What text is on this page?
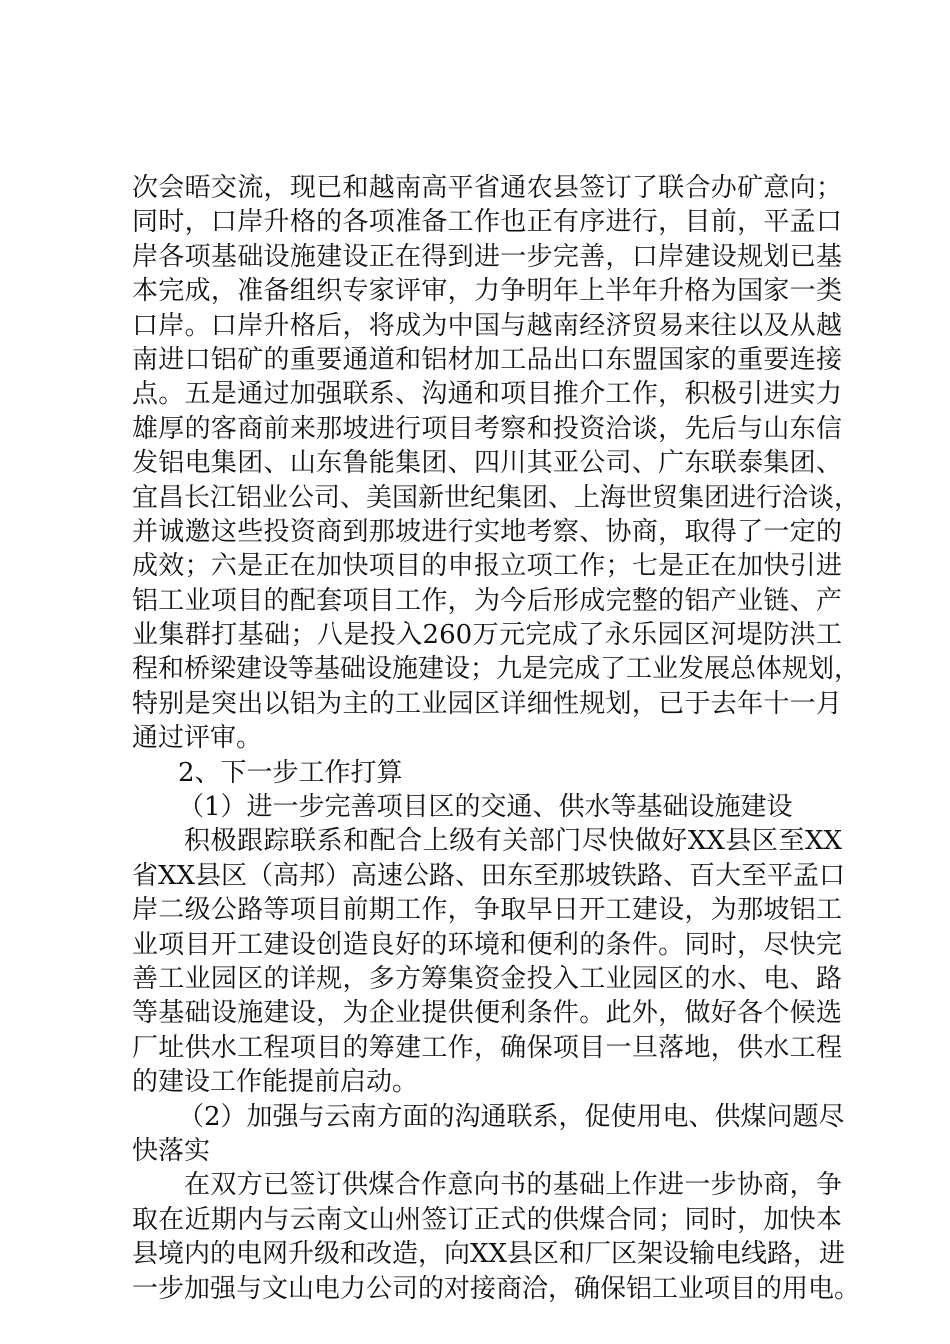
次会晤交流，现已和越南高平省通农县签订了联合办矿意向；
同时，口岸升格的各项准备工作也正有序进行，目前，平孟口
岸各项基础设施建设正在得到进一步完善，口岸建设规划已基
本完成，准备组织专家评审，力争明年上半年升格为国家一类
口岸。口岸升格后，将成为中国与越南经济贸易来往以及从越
南进口铝矿的重要通道和铝材加工品出口东盟国家的重要连接
点。五是通过加强联系、沟通和项目推介工作，积极引进实力
雄厚的客商前来那坡进行项目考察和投资洽谈，先后与山东信
发铝电集团、山东鲁能集团、四川其亚公司、广东联泰集团、
宜昌长江铝业公司、美国新世纪集团、上海世贸集团进行洽谈，
并诚邀这些投资商到那坡进行实地考察、协商，取得了一定的
成效；六是正在加快项目的申报立项工作；七是正在加快引进
铝工业项目的配套项目工作，为今后形成完整的铝产业链、产
业集群打基础；八是投入260万元完成了永乐园区河堤防洪工
程和桥梁建设等基础设施建设；九是完成了工业发展总体规划，
特别是突出以铝为主的工业园区详细性规划，已于去年十一月
通过评审。
2、下一步工作打算
（1）进一步完善项目区的交通、供水等基础设施建设
积极跟踪联系和配合上级有关部门尽快做好XX县区至XX
省XX县区（高邦）高速公路、田东至那坡铁路、百大至平孟口
岸二级公路等项目前期工作，争取早日开工建设，为那坡铝工
业项目开工建设创造良好的环境和便利的条件。同时，尽快完
善工业园区的详规，多方筹集资金投入工业园区的水、电、路
等基础设施建设，为企业提供便利条件。此外，做好各个候选
厂址供水工程项目的筹建工作，确保项目一旦落地，供水工程
的建设工作能提前启动。
（2）加强与云南方面的沟通联系，促使用电、供煤问题尽
快落实
在双方已签订供煤合作意向书的基础上作进一步协商，争
取在近期内与云南文山州签订正式的供煤合同；同时，加快本
县境内的电网升级和改造，向XX县区和厂区架设输电线路，进
一步加强与文山电力公司的对接商洽，确保铝工业项目的用电。
